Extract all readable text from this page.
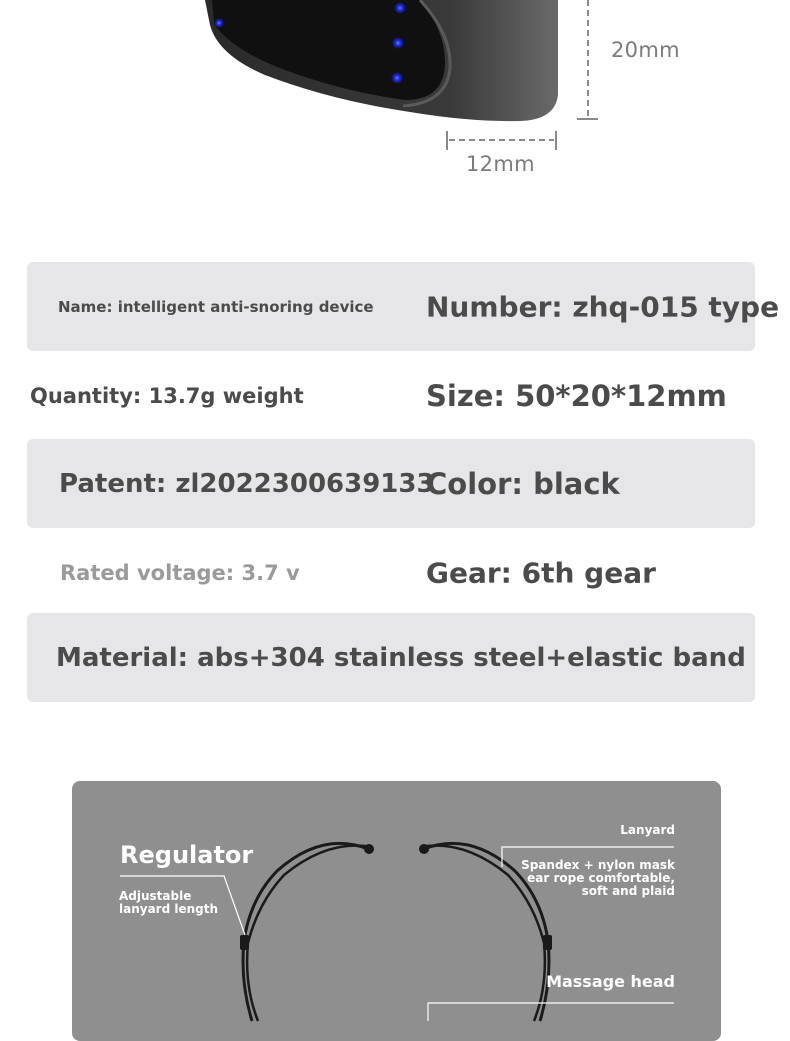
20mm
12mm
Name: intelligent anti-snoring device Number: zhq-015 type
Quantity: 13.7g weight	Size: 50*20*12mm
Patent: zl2022300639133
Color: black
Rated voltage: 3.7 v	Gear: 6th gear
Material: abs+304 stainless steel+elastic band
Regulator
Adjustable
lanyard length
Lanyard
Spandex + nylon mask
ear rope comfortable,
soft and plaid
Massage head
